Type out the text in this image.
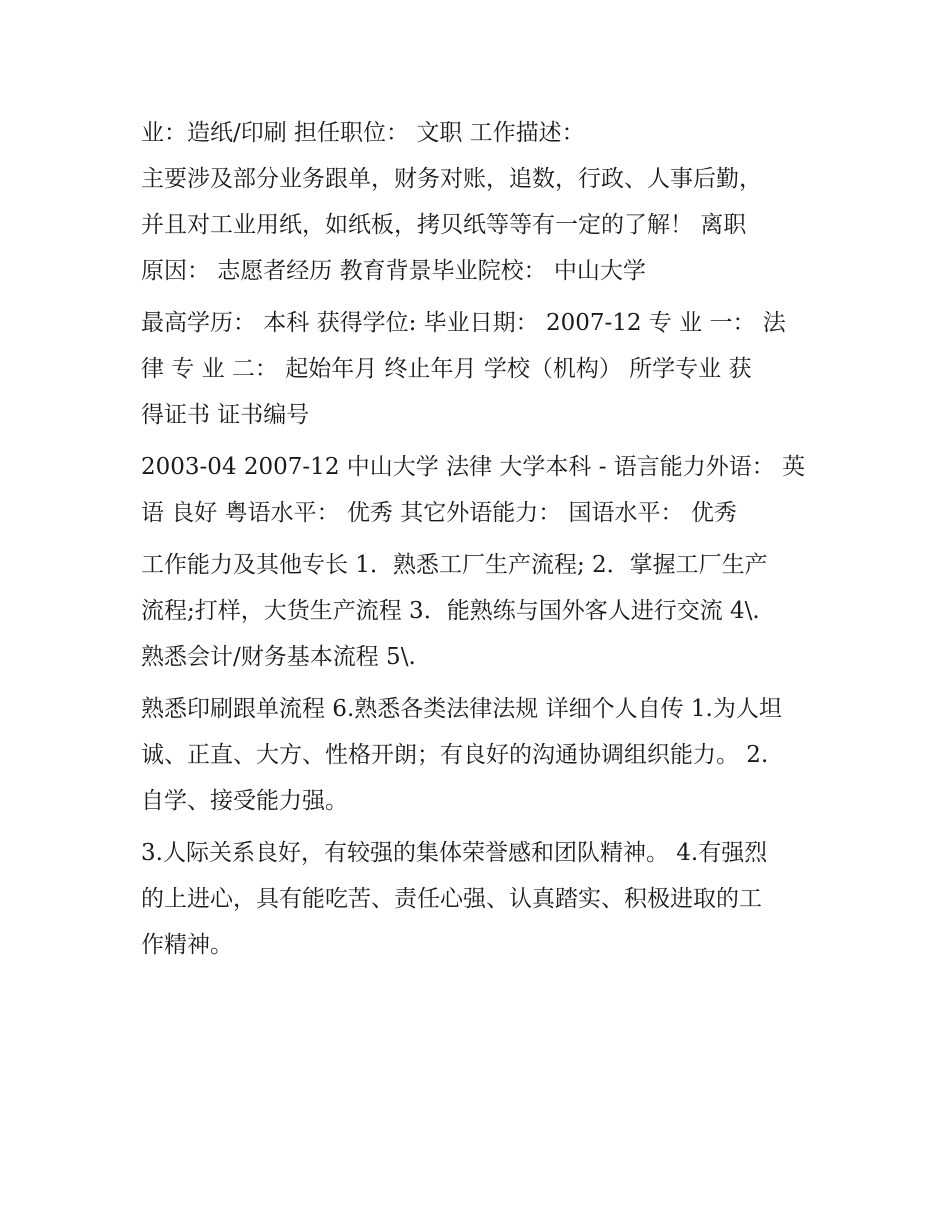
业：造纸/印刷 担任职位： 文职 工作描述：
主要涉及部分业务跟单，财务对账，追数，行政、人事后勤，
并且对工业用纸，如纸板，拷贝纸等等有一定的了解！ 离职
原因： 志愿者经历 教育背景毕业院校： 中山大学
最高学历： 本科 获得学位: 毕业日期： 2007-12 专 业 一： 法
律 专 业 二： 起始年月 终止年月 学校（机构） 所学专业 获
得证书 证书编号
2003-04 2007-12 中山大学 法律 大学本科 - 语言能力外语： 英
语 良好 粤语水平： 优秀 其它外语能力： 国语水平： 优秀
工作能力及其他专长 1．熟悉工厂生产流程; 2．掌握工厂生产
流程;打样，大货生产流程 3．能熟练与国外客人进行交流 4\.
熟悉会计/财务基本流程 5\.
熟悉印刷跟单流程 6.熟悉各类法律法规 详细个人自传 1.为人坦
诚、正直、大方、性格开朗；有良好的沟通协调组织能力。 2.
自学、接受能力强。
3.人际关系良好，有较强的集体荣誉感和团队精神。 4.有强烈
的上进心，具有能吃苦、责任心强、认真踏实、积极进取的工
作精神。
